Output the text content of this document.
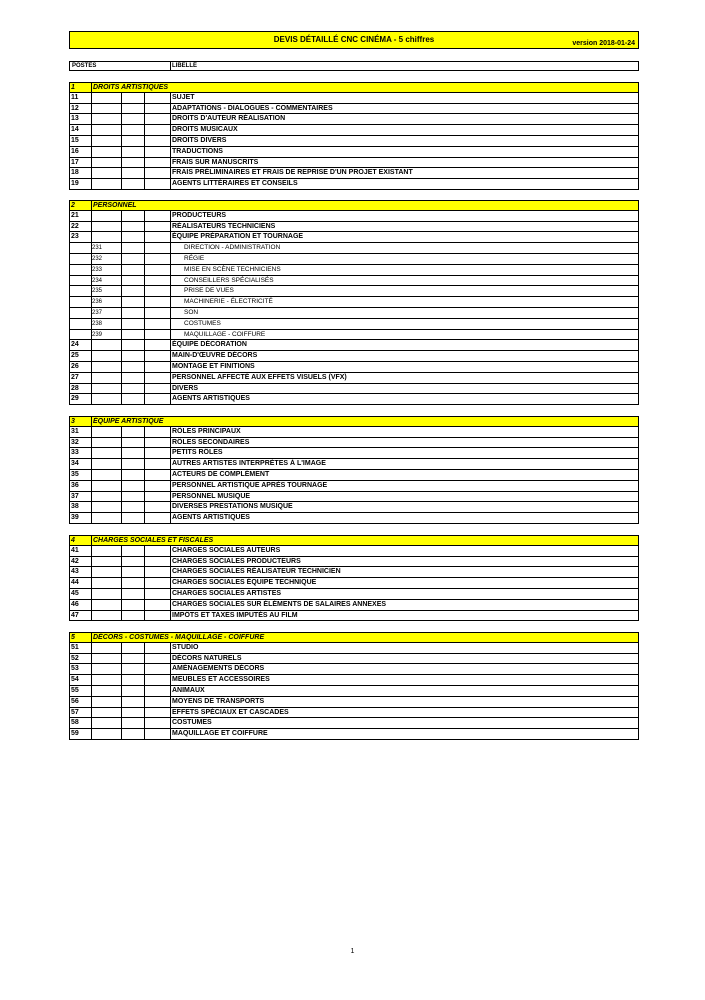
DEVIS DÉTAILLÉ CNC CINÉMA - 5 chiffres	version 2018-01-24
POSTES	LIBELLÉ
1	DROITS ARTISTIQUES
11	SUJET
12	ADAPTATIONS - DIALOGUES - COMMENTAIRES
13	DROITS D'AUTEUR RÉALISATION
14	DROITS MUSICAUX
15	DROITS DIVERS
16	TRADUCTIONS
17	FRAIS SUR MANUSCRITS
18	FRAIS PRÉLIMINAIRES ET FRAIS DE REPRISE D'UN PROJET EXISTANT
19	AGENTS LITTÉRAIRES ET CONSEILS
2	PERSONNEL
21	PRODUCTEURS
22	RÉALISATEURS TECHNICIENS
23	ÉQUIPE PRÉPARATION ET TOURNAGE
231	DIRECTION - ADMINISTRATION
232	RÉGIE
233	MISE EN SCÈNE TECHNICIENS
234	CONSEILLERS SPÉCIALISÉS
235	PRISE DE VUES
236	MACHINERIE - ÉLECTRICITÉ
237	SON
238	COSTUMES
239	MAQUILLAGE - COIFFURE
24	ÉQUIPE DÉCORATION
25	MAIN-D'ŒUVRE DÉCORS
26	MONTAGE ET FINITIONS
27	PERSONNEL AFFECTÉ AUX EFFETS VISUELS (VFX)
28	DIVERS
29	AGENTS ARTISTIQUES
3	ÉQUIPE ARTISTIQUE
31	RÔLES PRINCIPAUX
32	RÔLES SECONDAIRES
33	PETITS RÔLES
34	AUTRES ARTISTES INTERPRÈTES À L'IMAGE
35	ACTEURS DE COMPLÉMENT
36	PERSONNEL ARTISTIQUE APRÈS TOURNAGE
37	PERSONNEL MUSIQUE
38	DIVERSES PRESTATIONS MUSIQUE
39	AGENTS ARTISTIQUES
4	CHARGES SOCIALES ET FISCALES
41	CHARGES SOCIALES AUTEURS
42	CHARGES SOCIALES PRODUCTEURS
43	CHARGES SOCIALES RÉALISATEUR TECHNICIEN
44	CHARGES SOCIALES ÉQUIPE TECHNIQUE
45	CHARGES SOCIALES ARTISTES
46	CHARGES SOCIALES SUR ÉLÉMENTS DE SALAIRES ANNEXES
47	IMPÔTS ET TAXES IMPUTÉS AU FILM
5	DÉCORS - COSTUMES - MAQUILLAGE - COIFFURE
51	STUDIO
52	DÉCORS NATURELS
53	AMÉNAGEMENTS DÉCORS
54	MEUBLES ET ACCESSOIRES
55	ANIMAUX
56	MOYENS DE TRANSPORTS
57	EFFETS SPÉCIAUX ET CASCADES
58	COSTUMES
59	MAQUILLAGE ET COIFFURE
1
